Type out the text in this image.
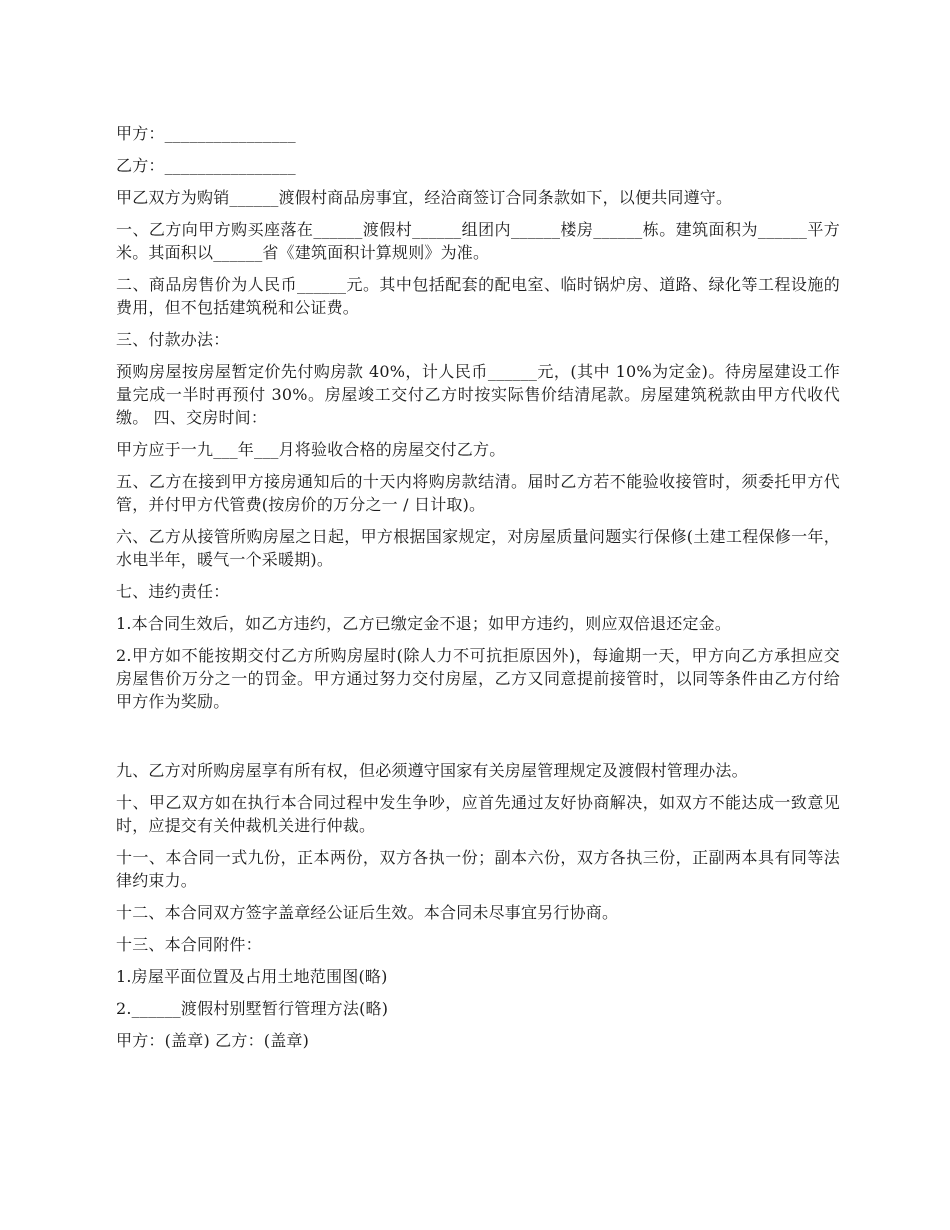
甲方：________________

乙方：________________

甲乙双方为购销______渡假村商品房事宜，经洽商签订合同条款如下，以便共同遵守。

一、乙方向甲方购买座落在______渡假村______组团内______楼房______栋。建筑面积为______平方米。其面积以______省《建筑面积计算规则》为准。

二、商品房售价为人民币______元。其中包括配套的配电室、临时锅炉房、道路、绿化等工程设施的费用，但不包括建筑税和公证费。

三、付款办法：

预购房屋按房屋暂定价先付购房款 40%，计人民币______元，(其中 10%为定金)。待房屋建设工作量完成一半时再预付 30%。房屋竣工交付乙方时按实际售价结清尾款。房屋建筑税款由甲方代收代缴。 四、交房时间：

甲方应于一九___年___月将验收合格的房屋交付乙方。

五、乙方在接到甲方接房通知后的十天内将购房款结清。届时乙方若不能验收接管时，须委托甲方代管，并付甲方代管费(按房价的万分之一 / 日计取)。

六、乙方从接管所购房屋之日起，甲方根据国家规定，对房屋质量问题实行保修(土建工程保修一年，水电半年，暖气一个采暖期)。

七、违约责任：

1.本合同生效后，如乙方违约，乙方已缴定金不退；如甲方违约，则应双倍退还定金。

2.甲方如不能按期交付乙方所购房屋时(除人力不可抗拒原因外)，每逾期一天，甲方向乙方承担应交房屋售价万分之一的罚金。甲方通过努力交付房屋，乙方又同意提前接管时，以同等条件由乙方付给甲方作为奖励。

九、乙方对所购房屋享有所有权，但必须遵守国家有关房屋管理规定及渡假村管理办法。

十、甲乙双方如在执行本合同过程中发生争吵，应首先通过友好协商解决，如双方不能达成一致意见时，应提交有关仲裁机关进行仲裁。

十一、本合同一式九份，正本两份，双方各执一份；副本六份，双方各执三份，正副两本具有同等法律约束力。

十二、本合同双方签字盖章经公证后生效。本合同未尽事宜另行协商。

十三、本合同附件：

1.房屋平面位置及占用土地范围图(略)

2.______渡假村别墅暂行管理方法(略)

甲方：(盖章) 乙方：(盖章)
